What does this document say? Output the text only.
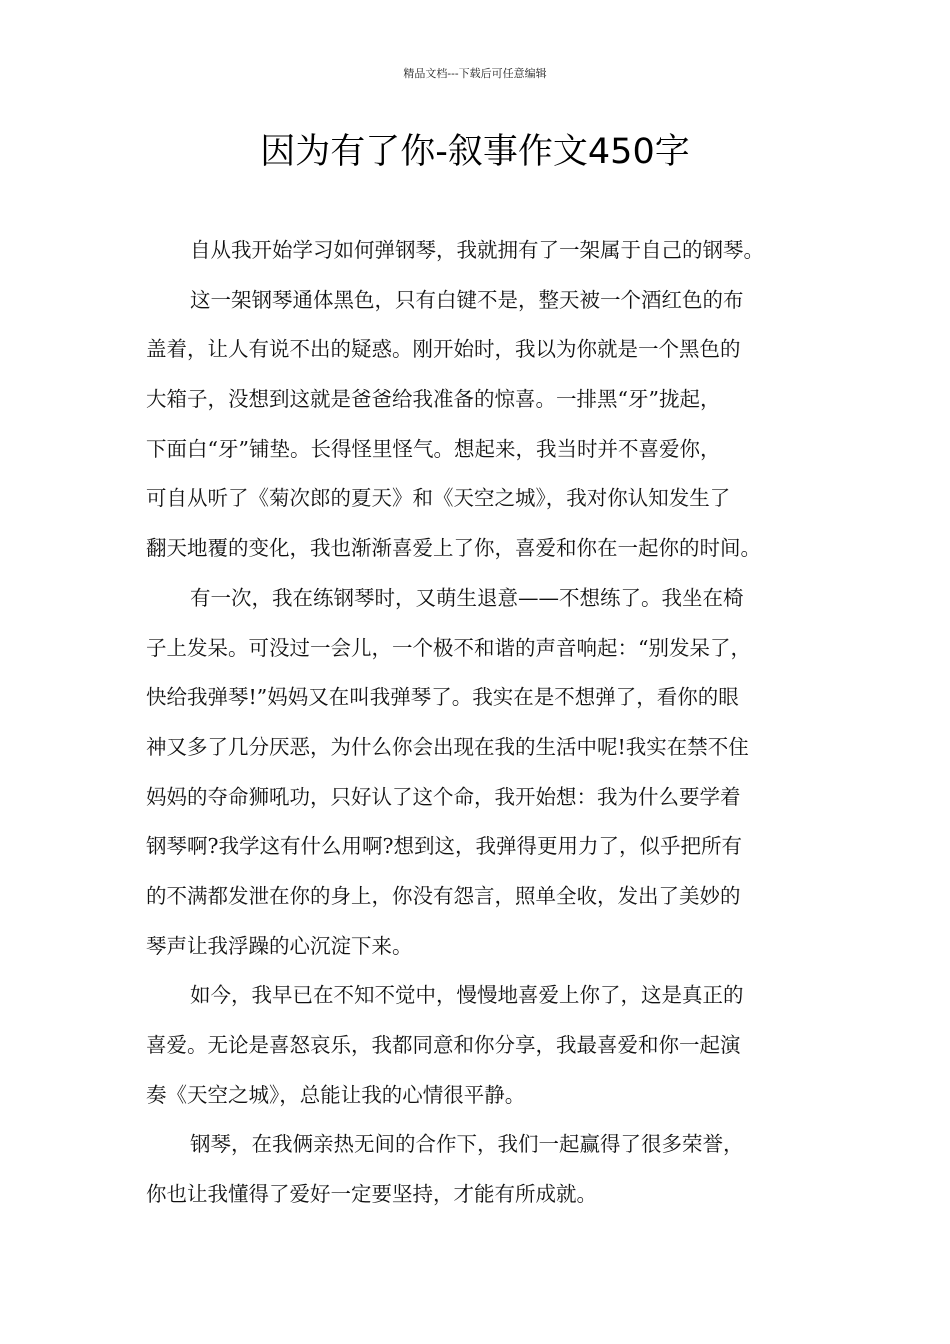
精品文档---下载后可任意编辑
因为有了你-叙事作文450字

自从我开始学习如何弹钢琴，我就拥有了一架属于自己的钢琴。

这一架钢琴通体黑色，只有白键不是，整天被一个酒红色的布
盖着，让人有说不出的疑惑。刚开始时，我以为你就是一个黑色的
大箱子，没想到这就是爸爸给我准备的惊喜。一排黑“牙”拢起，
下面白“牙”铺垫。长得怪里怪气。想起来，我当时并不喜爱你，
可自从听了《菊次郎的夏天》和《天空之城》，我对你认知发生了
翻天地覆的变化，我也渐渐喜爱上了你，喜爱和你在一起你的时间。

有一次，我在练钢琴时，又萌生退意——不想练了。我坐在椅
子上发呆。可没过一会儿，一个极不和谐的声音响起：“别发呆了，
快给我弹琴!”妈妈又在叫我弹琴了。我实在是不想弹了，看你的眼
神又多了几分厌恶，为什么你会出现在我的生活中呢!我实在禁不住
妈妈的夺命狮吼功，只好认了这个命，我开始想：我为什么要学着
钢琴啊?我学这有什么用啊?想到这，我弹得更用力了，似乎把所有
的不满都发泄在你的身上，你没有怨言，照单全收，发出了美妙的
琴声让我浮躁的心沉淀下来。

如今，我早已在不知不觉中，慢慢地喜爱上你了，这是真正的
喜爱。无论是喜怒哀乐，我都同意和你分享，我最喜爱和你一起演
奏《天空之城》，总能让我的心情很平静。

钢琴，在我俩亲热无间的合作下，我们一起赢得了很多荣誉，
你也让我懂得了爱好一定要坚持，才能有所成就。
